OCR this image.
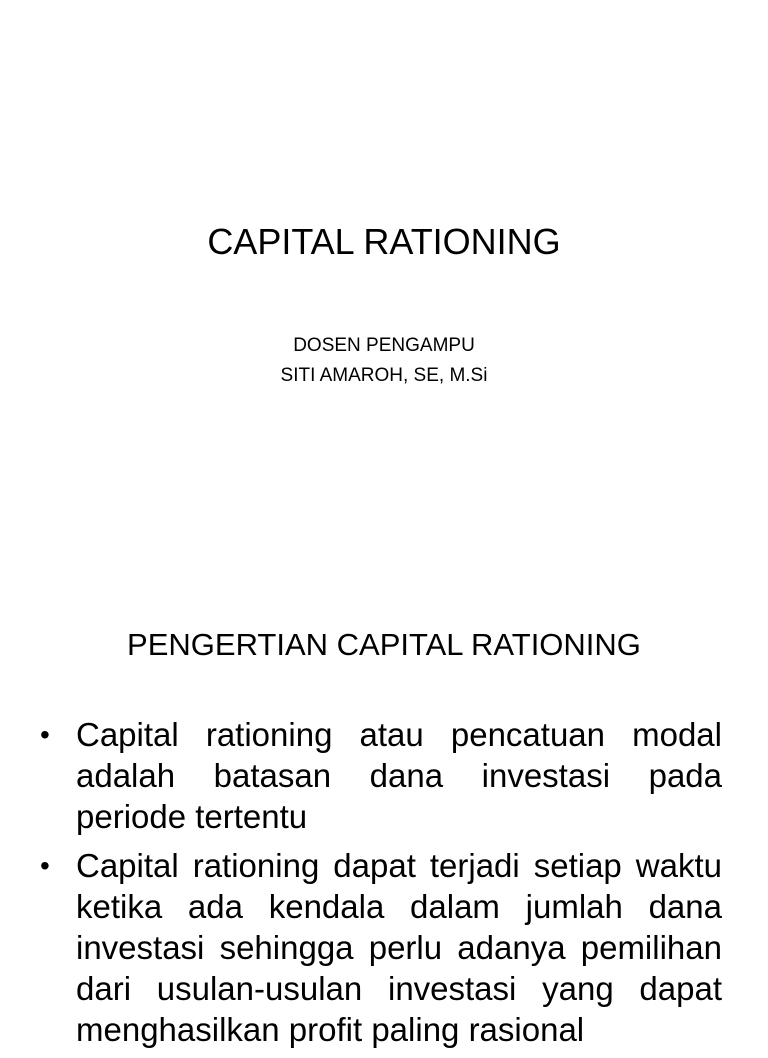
CAPITAL RATIONING
DOSEN PENGAMPU
SITI AMAROH, SE, M.Si
PENGERTIAN CAPITAL RATIONING
• Capital rationing atau pencatuan modal adalah batasan dana investasi pada periode tertentu
• Capital rationing dapat terjadi setiap waktu ketika ada kendala dalam jumlah dana investasi sehingga perlu adanya pemilihan dari usulan-usulan investasi yang dapat menghasilkan profit paling rasional
